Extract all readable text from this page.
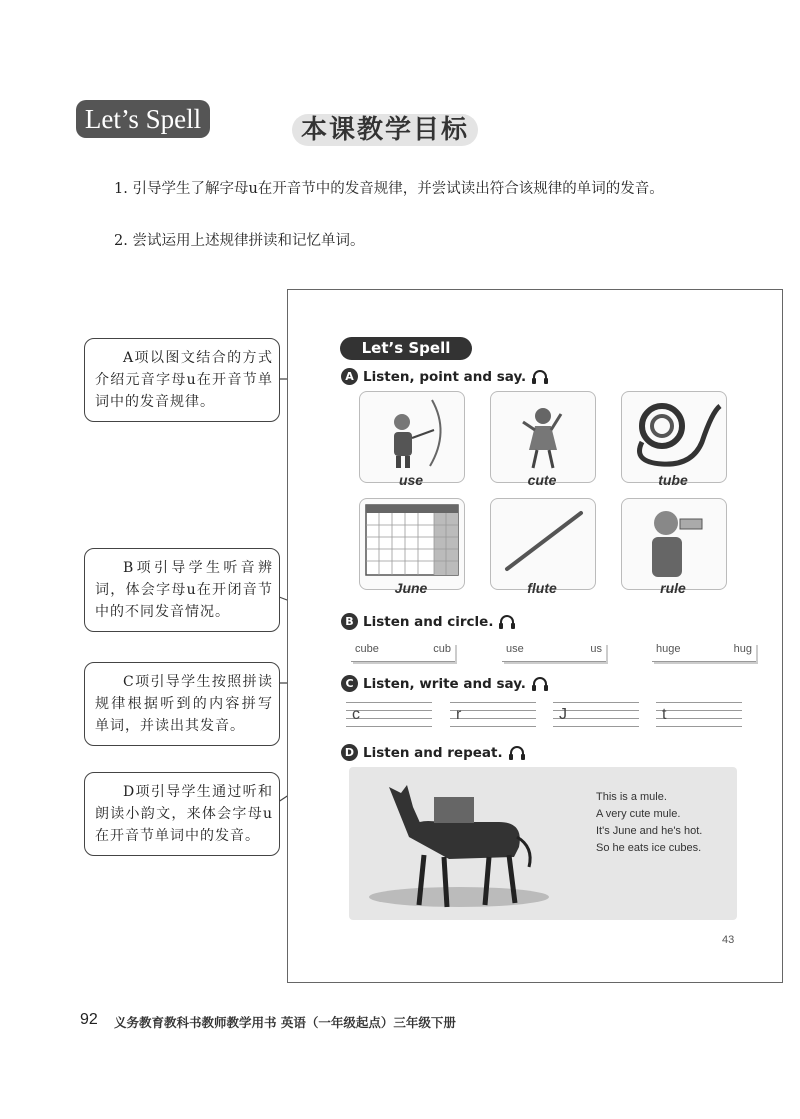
Let’s Spell	本课教学目标
1. 引导学生了解字母u在开音节中的发音规律，并尝试读出符合该规律的单词的发音。
2. 尝试运用上述规律拼读和记忆单词。
A项以图文结合的方式介绍元音字母u在开音节单词中的发音规律。
B项引导学生听音辨词，体会字母u在开闭音节中的不同发音情况。
C项引导学生按照拼读规律根据听到的内容拼写单词，并读出其发音。
D项引导学生通过听和朗读小韵文，来体会字母u在开音节单词中的发音。
Let’s Spell
A Listen, point and say.
use	cute	tube
June	flute	rule
B Listen and circle.
cube	cub	use	us	huge	hug
C Listen, write and say.
c	r	J	t
D Listen and repeat.
This is a mule.
A very cute mule.
It's June and he's hot.
So he eats ice cubes.
43
92 义务教育教科书教师教学用书 英语（一年级起点）三年级下册
